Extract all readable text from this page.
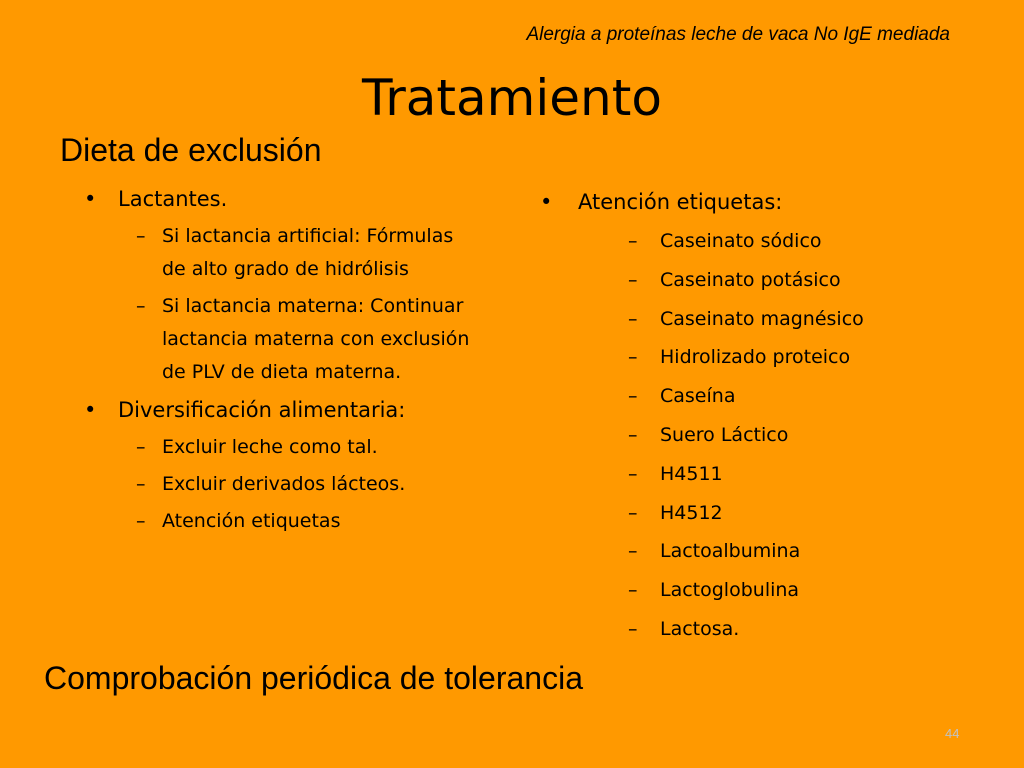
Alergia a proteínas leche de vaca No IgE mediada

Tratamiento
Dieta de exclusión
• Lactantes.
– Si lactancia artificial: Fórmulas de alto grado de hidrólisis
– Si lactancia materna: Continuar lactancia materna con exclusión de PLV de dieta materna.
• Diversificación alimentaria:
– Excluir leche como tal.
– Excluir derivados lácteos.
– Atención etiquetas
• Atención etiquetas:
– Caseinato sódico
– Caseinato potásico
– Caseinato magnésico
– Hidrolizado proteico
– Caseína
– Suero Láctico
– H4511
– H4512
– Lactoalbumina
– Lactoglobulina
– Lactosa.
Comprobación periódica de tolerancia
44
